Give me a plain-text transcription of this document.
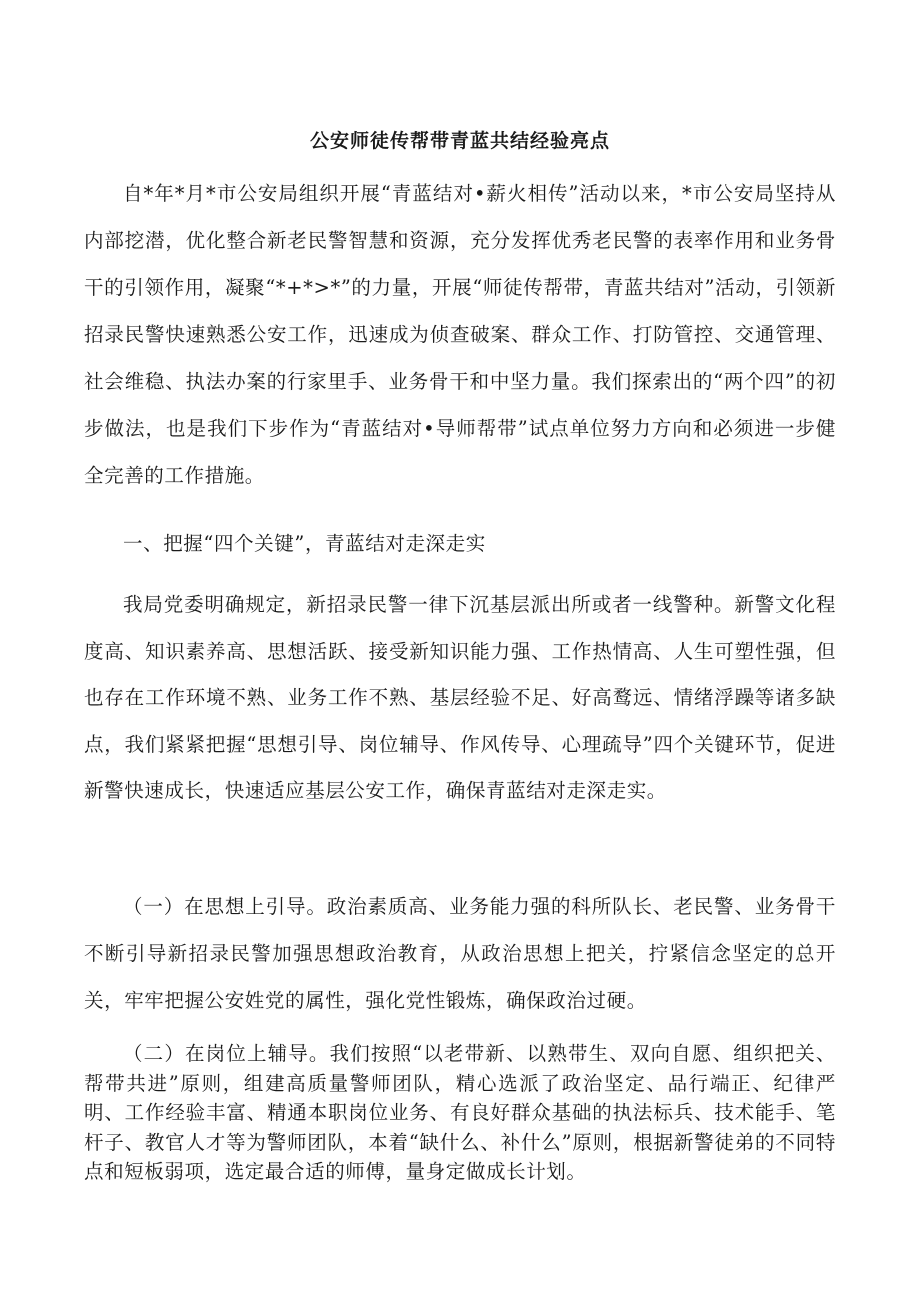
公安师徒传帮带青蓝共结经验亮点

自*年*月*市公安局组织开展“青蓝结对•薪火相传”活动以来，*市公安局坚持从内部挖潜，优化整合新老民警智慧和资源，充分发挥优秀老民警的表率作用和业务骨干的引领作用，凝聚“*+*>*”的力量，开展“师徒传帮带，青蓝共结对”活动，引领新招录民警快速熟悉公安工作，迅速成为侦查破案、群众工作、打防管控、交通管理、社会维稳、执法办案的行家里手、业务骨干和中坚力量。我们探索出的“两个四”的初步做法，也是我们下步作为“青蓝结对•导师帮带”试点单位努力方向和必须进一步健全完善的工作措施。

一、把握“四个关键”，青蓝结对走深走实

我局党委明确规定，新招录民警一律下沉基层派出所或者一线警种。新警文化程度高、知识素养高、思想活跃、接受新知识能力强、工作热情高、人生可塑性强，但也存在工作环境不熟、业务工作不熟、基层经验不足、好高鹜远、情绪浮躁等诸多缺点，我们紧紧把握“思想引导、岗位辅导、作风传导、心理疏导”四个关键环节，促进新警快速成长，快速适应基层公安工作，确保青蓝结对走深走实。

（一）在思想上引导。政治素质高、业务能力强的科所队长、老民警、业务骨干不断引导新招录民警加强思想政治教育，从政治思想上把关，拧紧信念坚定的总开关，牢牢把握公安姓党的属性，强化党性锻炼，确保政治过硬。

（二）在岗位上辅导。我们按照“以老带新、以熟带生、双向自愿、组织把关、帮带共进”原则，组建高质量警师团队，精心选派了政治坚定、品行端正、纪律严明、工作经验丰富、精通本职岗位业务、有良好群众基础的执法标兵、技术能手、笔杆子、教官人才等为警师团队，本着“缺什么、补什么”原则，根据新警徒弟的不同特点和短板弱项，选定最合适的师傅，量身定做成长计划。
